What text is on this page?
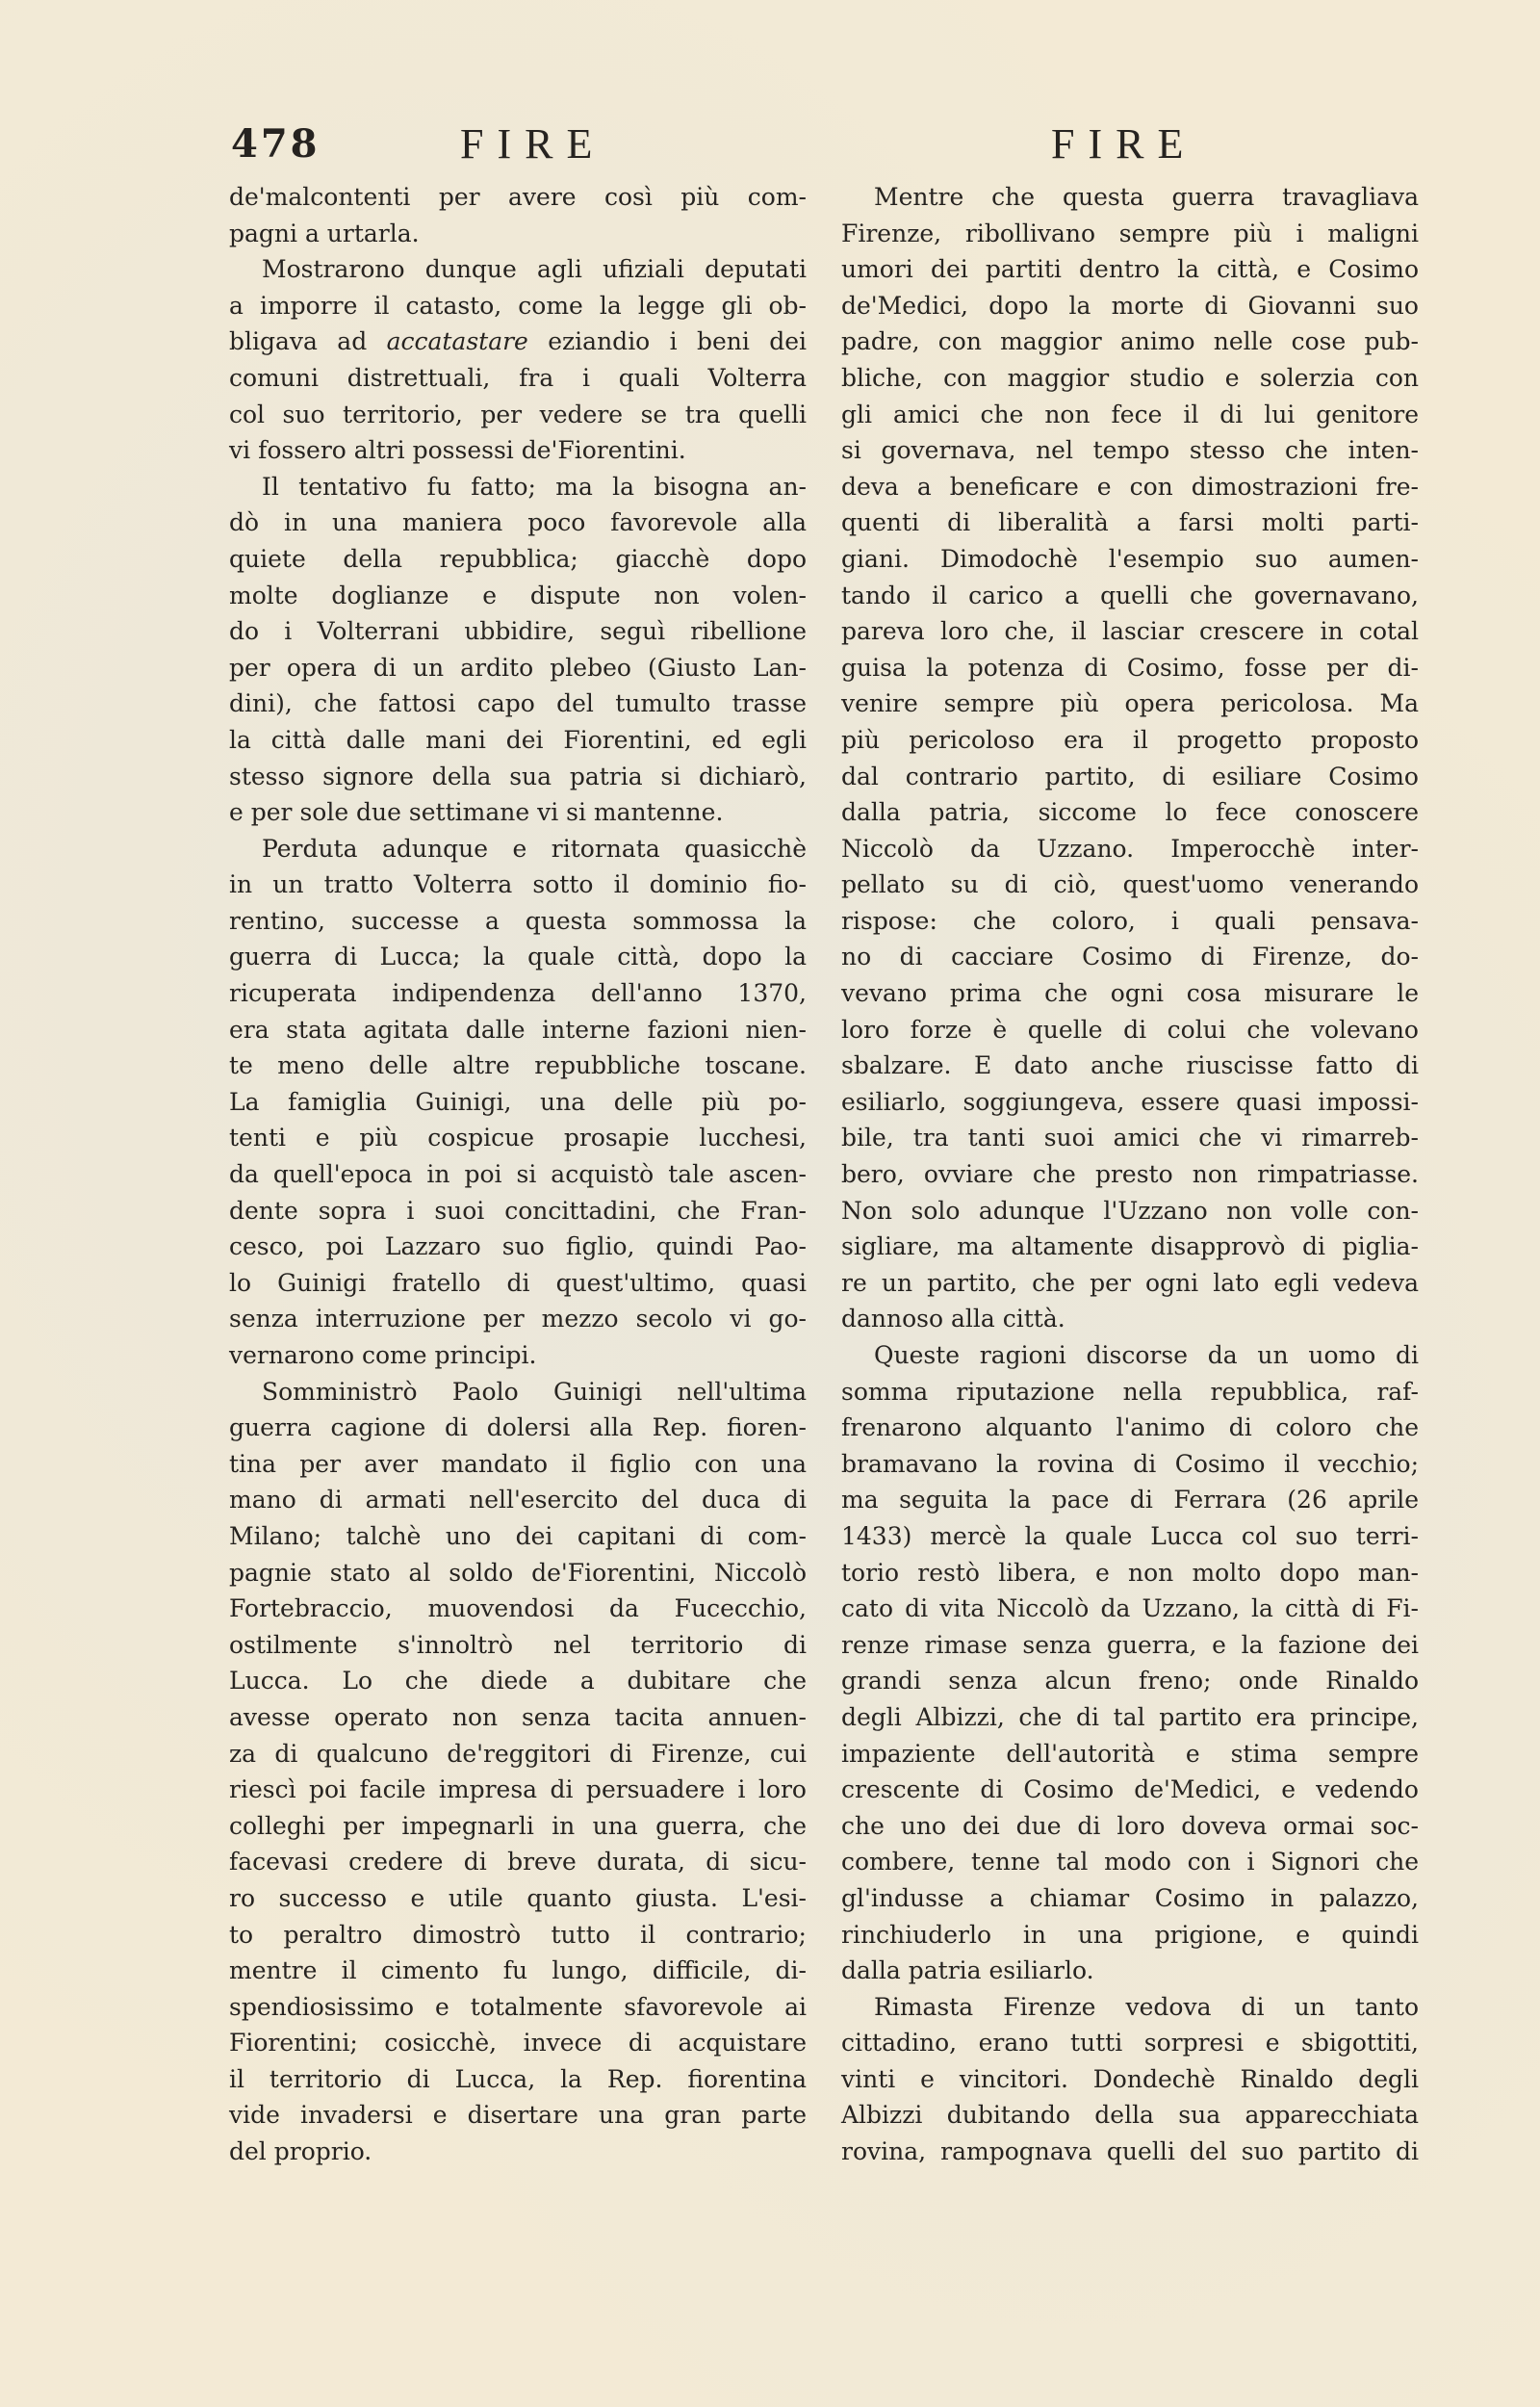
478	FIRE	FIRE
de'malcontenti per avere così più com-
pagni a urtarla.
Mostrarono dunque agli ufiziali deputati
a imporre il catasto, come la legge gli ob-
bligava ad accatastare eziandio i beni dei
comuni distrettuali, fra i quali Volterra
col suo territorio, per vedere se tra quelli
vi fossero altri possessi de'Fiorentini.
Il tentativo fu fatto; ma la bisogna an-
dò in una maniera poco favorevole alla
quiete della repubblica; giacchè dopo
molte doglianze e dispute non volen-
do i Volterrani ubbidire, seguì ribellione
per opera di un ardito plebeo (Giusto Lan-
dini), che fattosi capo del tumulto trasse
la città dalle mani dei Fiorentini, ed egli
stesso signore della sua patria si dichiarò,
e per sole due settimane vi si mantenne.
Perduta adunque e ritornata quasicchè
in un tratto Volterra sotto il dominio fio-
rentino, successe a questa sommossa la
guerra di Lucca; la quale città, dopo la
ricuperata indipendenza dell'anno 1370,
era stata agitata dalle interne fazioni nien-
te meno delle altre repubbliche toscane.
La famiglia Guinigi, una delle più po-
tenti e più cospicue prosapie lucchesi,
da quell'epoca in poi si acquistò tale ascen-
dente sopra i suoi concittadini, che Fran-
cesco, poi Lazzaro suo figlio, quindi Pao-
lo Guinigi fratello di quest'ultimo, quasi
senza interruzione per mezzo secolo vi go-
vernarono come principi.
Somministrò Paolo Guinigi nell'ultima
guerra cagione di dolersi alla Rep. fioren-
tina per aver mandato il figlio con una
mano di armati nell'esercito del duca di
Milano; talchè uno dei capitani di com-
pagnie stato al soldo de'Fiorentini, Niccolò
Fortebraccio, muovendosi da Fucecchio,
ostilmente s'innoltrò nel territorio di
Lucca. Lo che diede a dubitare che
avesse operato non senza tacita annuen-
za di qualcuno de'reggitori di Firenze, cui
riescì poi facile impresa di persuadere i loro
colleghi per impegnarli in una guerra, che
facevasi credere di breve durata, di sicu-
ro successo e utile quanto giusta. L'esi-
to peraltro dimostrò tutto il contrario;
mentre il cimento fu lungo, difficile, di-
spendiosissimo e totalmente sfavorevole ai
Fiorentini; cosicchè, invece di acquistare
il territorio di Lucca, la Rep. fiorentina
vide invadersi e disertare una gran parte
del proprio.
Mentre che questa guerra travagliava
Firenze, ribollivano sempre più i maligni
umori dei partiti dentro la città, e Cosimo
de'Medici, dopo la morte di Giovanni suo
padre, con maggior animo nelle cose pub-
bliche, con maggior studio e solerzia con
gli amici che non fece il di lui genitore
si governava, nel tempo stesso che inten-
deva a beneficare e con dimostrazioni fre-
quenti di liberalità a farsi molti parti-
giani. Dimodochè l'esempio suo aumen-
tando il carico a quelli che governavano,
pareva loro che, il lasciar crescere in cotal
guisa la potenza di Cosimo, fosse per di-
venire sempre più opera pericolosa. Ma
più pericoloso era il progetto proposto
dal contrario partito, di esiliare Cosimo
dalla patria, siccome lo fece conoscere
Niccolò da Uzzano. Imperocchè inter-
pellato su di ciò, quest'uomo venerando
rispose: che coloro, i quali pensava-
no di cacciare Cosimo di Firenze, do-
vevano prima che ogni cosa misurare le
loro forze è quelle di colui che volevano
sbalzare. E dato anche riuscisse fatto di
esiliarlo, soggiungeva, essere quasi impossi-
bile, tra tanti suoi amici che vi rimarreb-
bero, ovviare che presto non rimpatriasse.
Non solo adunque l'Uzzano non volle con-
sigliare, ma altamente disapprovò di piglia-
re un partito, che per ogni lato egli vedeva
dannoso alla città.
Queste ragioni discorse da un uomo di
somma riputazione nella repubblica, raf-
frenarono alquanto l'animo di coloro che
bramavano la rovina di Cosimo il vecchio;
ma seguita la pace di Ferrara (26 aprile
1433) mercè la quale Lucca col suo terri-
torio restò libera, e non molto dopo man-
cato di vita Niccolò da Uzzano, la città di Fi-
renze rimase senza guerra, e la fazione dei
grandi senza alcun freno; onde Rinaldo
degli Albizzi, che di tal partito era principe,
impaziente dell'autorità e stima sempre
crescente di Cosimo de'Medici, e vedendo
che uno dei due di loro doveva ormai soc-
combere, tenne tal modo con i Signori che
gl'indusse a chiamar Cosimo in palazzo,
rinchiuderlo in una prigione, e quindi
dalla patria esiliarlo.
Rimasta Firenze vedova di un tanto
cittadino, erano tutti sorpresi e sbigottiti,
vinti e vincitori. Dondechè Rinaldo degli
Albizzi dubitando della sua apparecchiata
rovina, rampognava quelli del suo partito di
